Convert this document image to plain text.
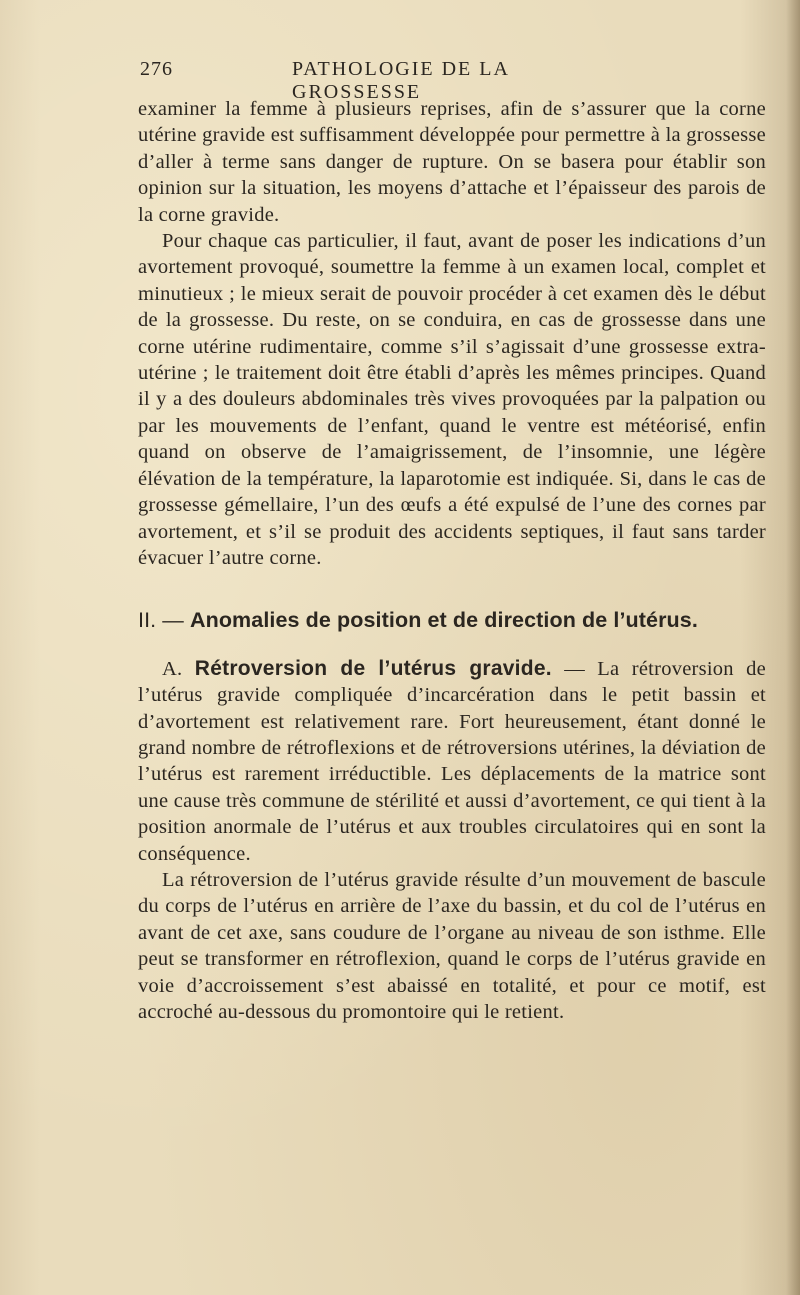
276	PATHOLOGIE DE LA GROSSESSE

examiner la femme à plusieurs reprises, afin de s’assurer que la corne utérine gravide est suffisamment développée pour permettre à la grossesse d’aller à terme sans danger de rupture. On se basera pour établir son opinion sur la situation, les moyens d’attache et l’épaisseur des parois de la corne gravide.

Pour chaque cas particulier, il faut, avant de poser les indications d’un avortement provoqué, soumettre la femme à un examen local, complet et minutieux ; le mieux serait de pouvoir procéder à cet examen dès le début de la grossesse. Du reste, on se conduira, en cas de grossesse dans une corne utérine rudimentaire, comme s’il s’agissait d’une grossesse extra-utérine ; le traitement doit être établi d’après les mêmes principes. Quand il y a des douleurs abdominales très vives provoquées par la palpation ou par les mouvements de l’enfant, quand le ventre est météorisé, enfin quand on observe de l’amaigrissement, de l’insomnie, une légère élévation de la température, la laparotomie est indiquée. Si, dans le cas de grossesse gémellaire, l’un des œufs a été expulsé de l’une des cornes par avortement, et s’il se produit des accidents septiques, il faut sans tarder évacuer l’autre corne.

II. — Anomalies de position et de direction de l’utérus.

A. Rétroversion de l’utérus gravide. — La rétroversion de l’utérus gravide compliquée d’incarcération dans le petit bassin et d’avortement est relativement rare. Fort heureusement, étant donné le grand nombre de rétroflexions et de rétroversions utérines, la déviation de l’utérus est rarement irréductible. Les déplacements de la matrice sont une cause très commune de stérilité et aussi d’avortement, ce qui tient à la position anormale de l’utérus et aux troubles circulatoires qui en sont la conséquence.

La rétroversion de l’utérus gravide résulte d’un mouvement de bascule du corps de l’utérus en arrière de l’axe du bassin, et du col de l’utérus en avant de cet axe, sans coudure de l’organe au niveau de son isthme. Elle peut se transformer en rétroflexion, quand le corps de l’utérus gravide en voie d’accroissement s’est abaissé en totalité, et pour ce motif, est accroché au-dessous du promontoire qui le retient.
